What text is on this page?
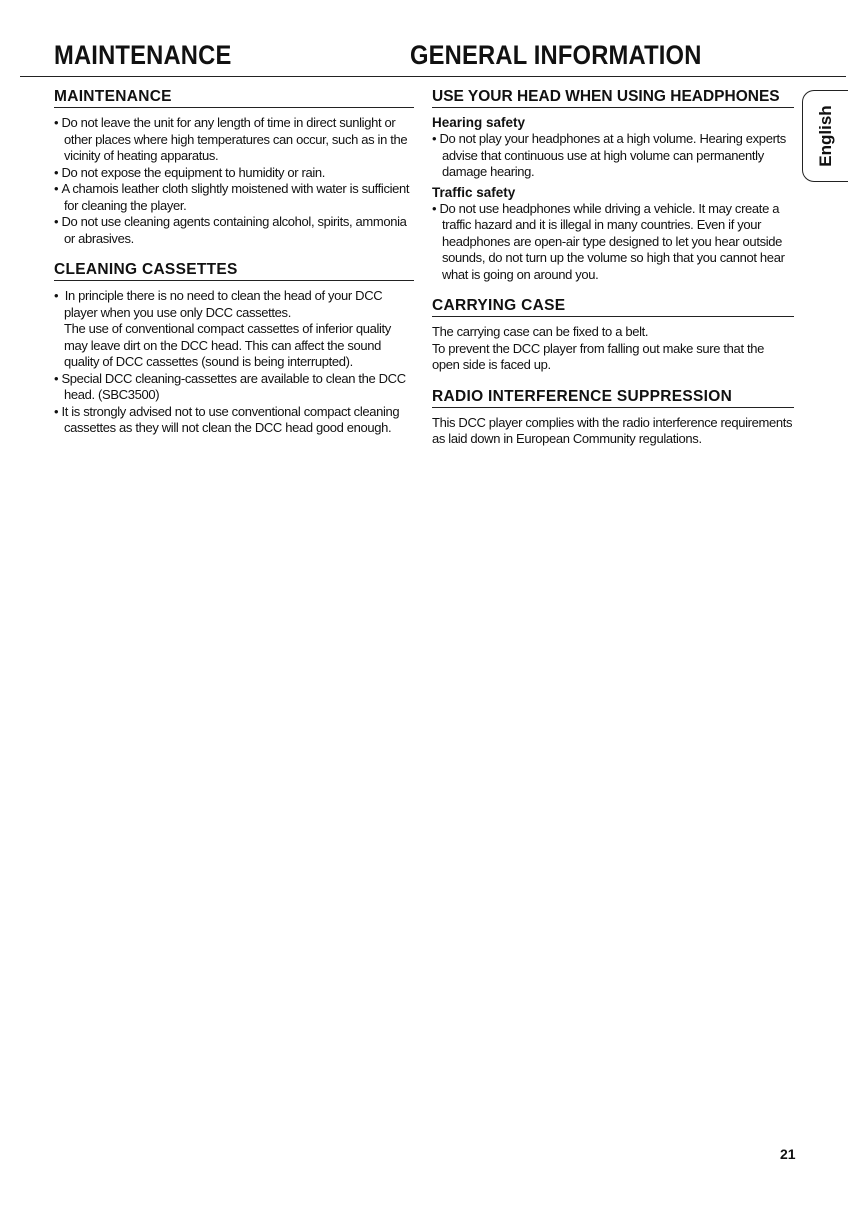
MAINTENANCE	GENERAL INFORMATION
MAINTENANCE
• Do not leave the unit for any length of time in direct sunlight or other places where high temperatures can occur, such as in the vicinity of heating apparatus.
• Do not expose the equipment to humidity or rain.
• A chamois leather cloth slightly moistened with water is sufficient for cleaning the player.
• Do not use cleaning agents containing alcohol, spirits, ammonia or abrasives.
CLEANING CASSETTES
• In principle there is no need to clean the head of your DCC player when you use only DCC cassettes.
The use of conventional compact cassettes of inferior quality may leave dirt on the DCC head. This can affect the sound quality of DCC cassettes (sound is being interrupted).
• Special DCC cleaning-cassettes are available to clean the DCC head. (SBC3500)
• It is strongly advised not to use conventional compact cleaning cassettes as they will not clean the DCC head good enough.
USE YOUR HEAD WHEN USING HEADPHONES
Hearing safety
• Do not play your headphones at a high volume. Hearing experts advise that continuous use at high volume can permanently damage hearing.
Traffic safety
• Do not use headphones while driving a vehicle. It may create a traffic hazard and it is illegal in many countries. Even if your headphones are open-air type designed to let you hear outside sounds, do not turn up the volume so high that you cannot hear what is going on around you.
CARRYING CASE

The carrying case can be fixed to a belt.

To prevent the DCC player from falling out make sure that the open side is faced up.

RADIO INTERFERENCE SUPPRESSION

This DCC player complies with the radio interference requirements as laid down in European Community regulations.

English
21
